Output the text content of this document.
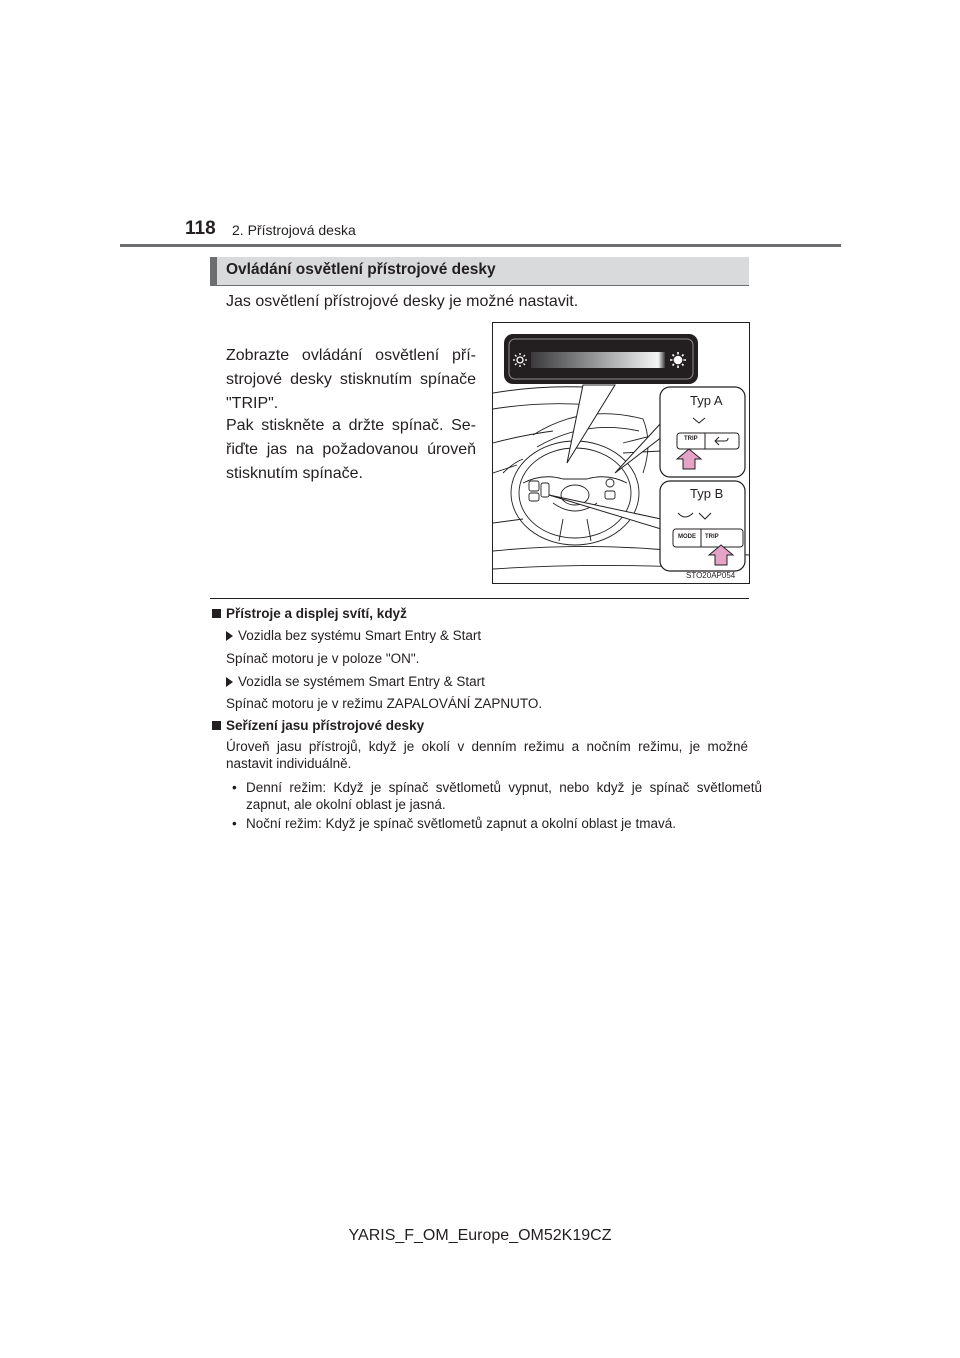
118 2. Přístrojová deska
Ovládání osvětlení přístrojové desky
Jas osvětlení přístrojové desky je možné nastavit.
Zobrazte ovládání osvětlení pří-strojové desky stisknutím spínače "TRIP".
Pak stiskněte a držte spínač. Se-řiďte jas na požadovanou úroveň stisknutím spínače.
Typ A
Typ B
TRIP
MODE TRIP
STO20AP054
Přístroje a displej svítí, když
Vozidla bez systému Smart Entry & Start
Spínač motoru je v poloze "ON".
Vozidla se systémem Smart Entry & Start
Spínač motoru je v režimu ZAPALOVÁNÍ ZAPNUTO.
Seřízení jasu přístrojové desky
Úroveň jasu přístrojů, když je okolí v denním režimu a nočním režimu, je možné nastavit individuálně.
• Denní režim: Když je spínač světlometů vypnut, nebo když je spínač světlometů zapnut, ale okolní oblast je jasná.
• Noční režim: Když je spínač světlometů zapnut a okolní oblast je tmavá.
YARIS_F_OM_Europe_OM52K19CZ
